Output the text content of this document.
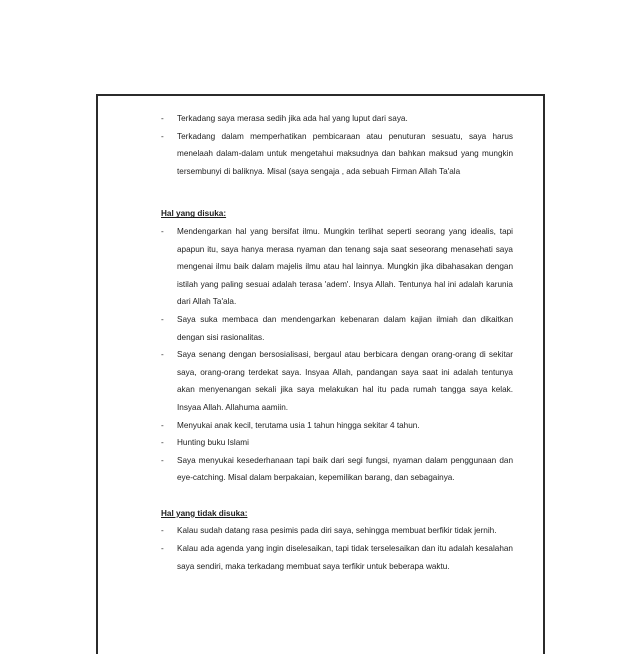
- Terkadang saya merasa sedih jika ada hal yang luput dari saya.
- Terkadang dalam memperhatikan pembicaraan atau penuturan sesuatu, saya harus menelaah dalam-dalam untuk mengetahui maksudnya dan bahkan maksud yang mungkin tersembunyi di baliknya. Misal (saya sengaja , ada sebuah Firman Allah Ta'ala
Hal yang disuka:
- Mendengarkan hal yang bersifat ilmu. Mungkin terlihat seperti seorang yang idealis, tapi apapun itu, saya hanya merasa nyaman dan tenang saja saat seseorang menasehati saya mengenai ilmu baik dalam majelis ilmu atau hal lainnya. Mungkin jika dibahasakan dengan istilah yang paling sesuai adalah terasa 'adem'. Insya Allah. Tentunya hal ini adalah karunia dari Allah Ta'ala.
- Saya suka membaca dan mendengarkan kebenaran dalam kajian ilmiah dan dikaitkan dengan sisi rasionalitas.
- Saya senang dengan bersosialisasi, bergaul atau berbicara dengan orang-orang di sekitar saya, orang-orang terdekat saya. Insyaa Allah, pandangan saya saat ini adalah tentunya akan menyenangan sekali jika saya melakukan hal itu pada rumah tangga saya kelak. Insyaa Allah. Allahuma aamiin.
- Menyukai anak kecil, terutama usia 1 tahun hingga sekitar 4 tahun.
- Hunting buku Islami
- Saya menyukai kesederhanaan tapi baik dari segi fungsi, nyaman dalam penggunaan dan eye-catching. Misal dalam berpakaian, kepemilikan barang, dan sebagainya.
Hal yang tidak disuka:
- Kalau sudah datang rasa pesimis pada diri saya, sehingga membuat berfikir tidak jernih.
- Kalau ada agenda yang ingin diselesaikan, tapi tidak terselesaikan dan itu adalah kesalahan saya sendiri, maka terkadang membuat saya terfikir untuk beberapa waktu.
